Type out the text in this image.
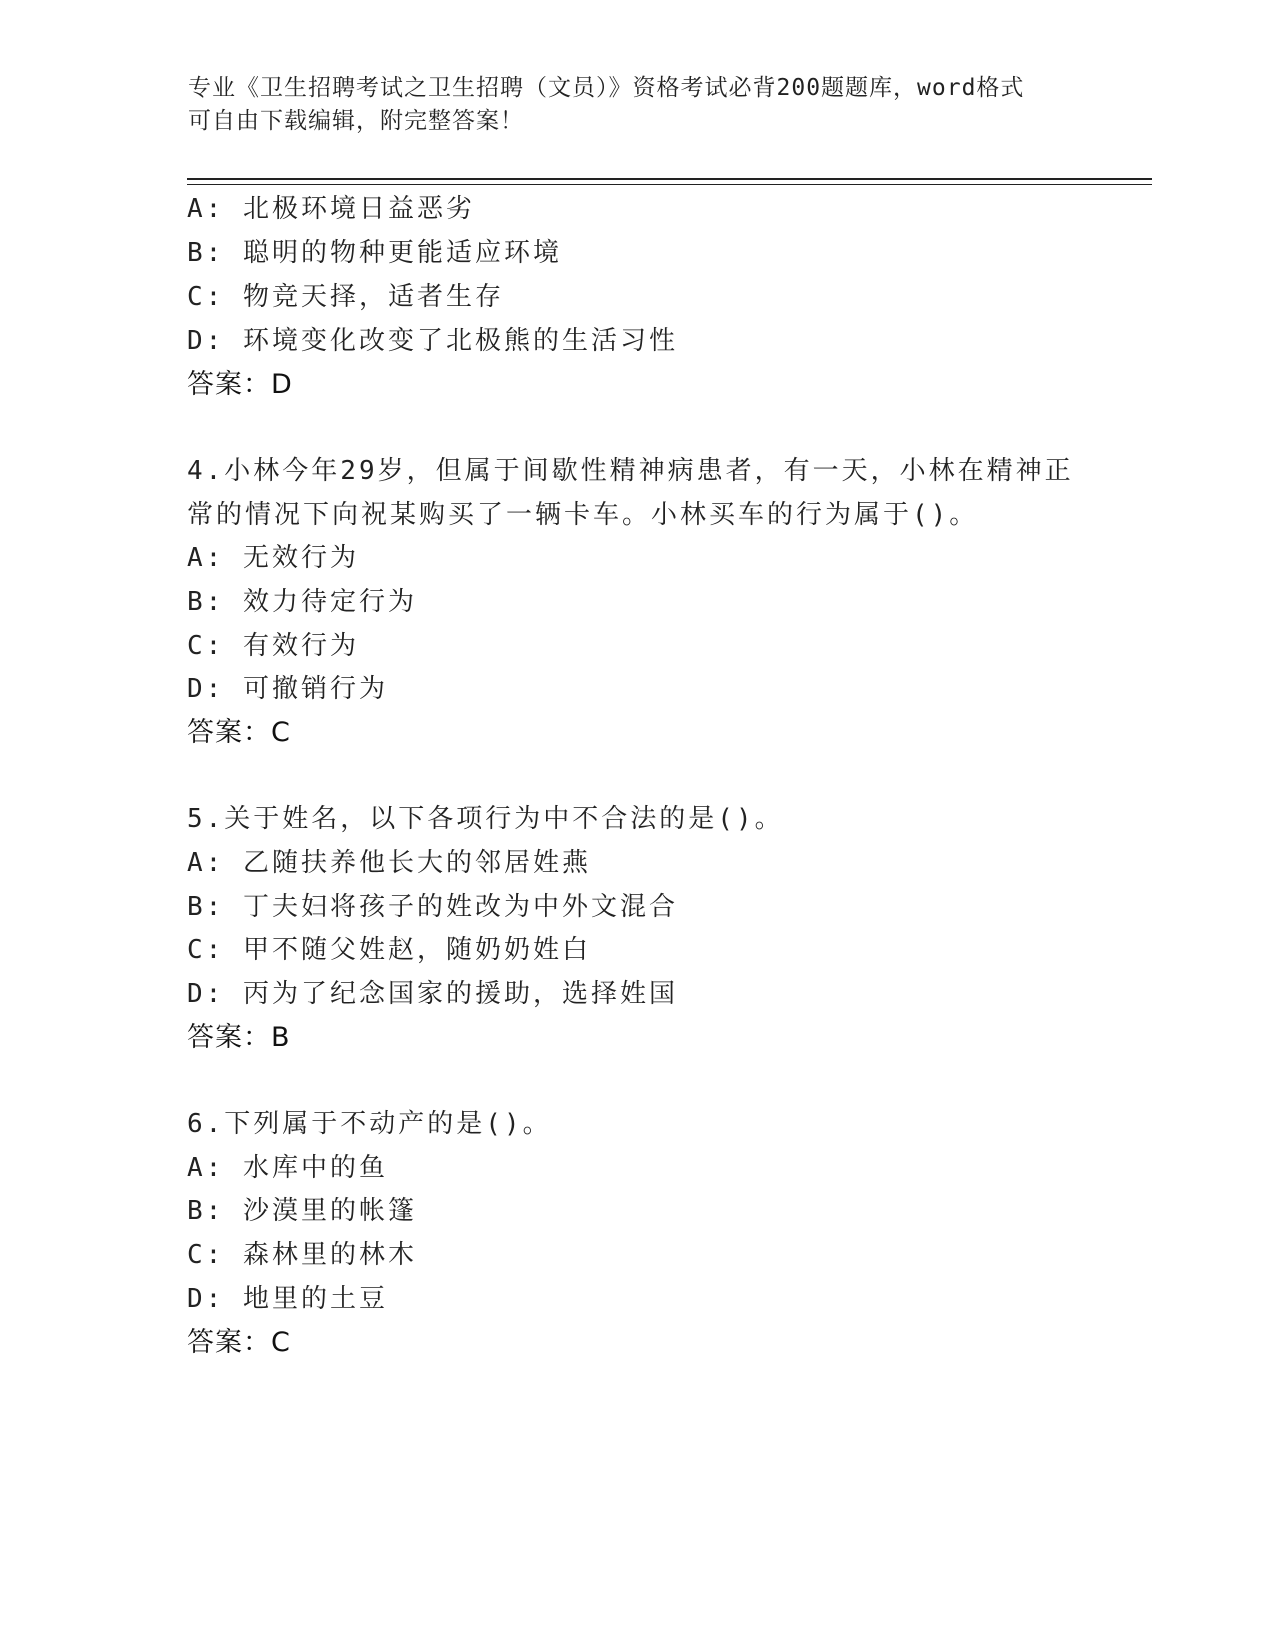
专业《卫生招聘考试之卫生招聘（文员）》资格考试必背200题题库，word格式
可自由下载编辑，附完整答案！
A: 北极环境日益恶劣
B: 聪明的物种更能适应环境
C: 物竞天择，适者生存
D: 环境变化改变了北极熊的生活习性
答案：D
4.小林今年29岁，但属于间歇性精神病患者，有一天，小林在精神正
常的情况下向祝某购买了一辆卡车。小林买车的行为属于()。
A: 无效行为
B: 效力待定行为
C: 有效行为
D: 可撤销行为
答案：C
5.关于姓名，以下各项行为中不合法的是()。
A: 乙随扶养他长大的邻居姓燕
B: 丁夫妇将孩子的姓改为中外文混合
C: 甲不随父姓赵，随奶奶姓白
D: 丙为了纪念国家的援助，选择姓国
答案：B
6.下列属于不动产的是()。
A: 水库中的鱼
B: 沙漠里的帐篷
C: 森林里的林木
D: 地里的土豆
答案：C
